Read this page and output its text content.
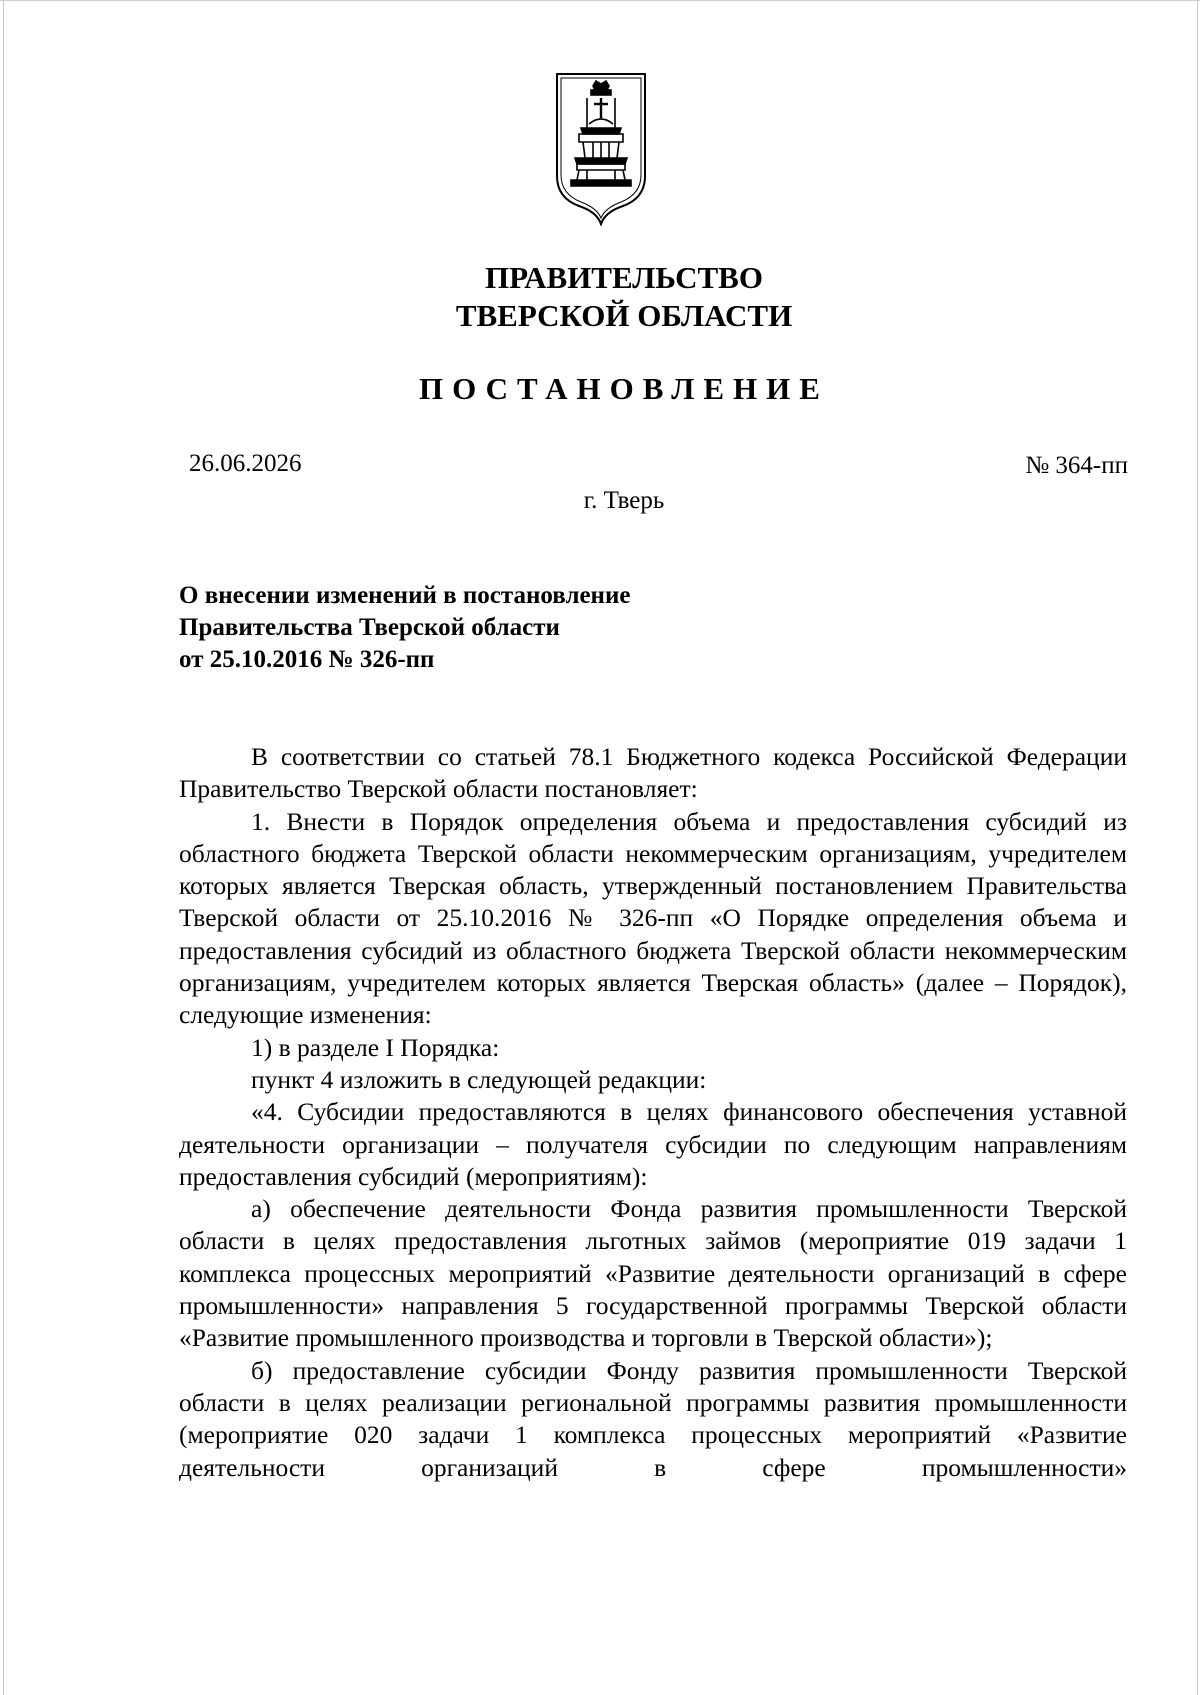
ПРАВИТЕЛЬСТВО
ТВЕРСКОЙ ОБЛАСТИ
ПОСТАНОВЛЕНИЕ
26.06.2026	№ 364-пп
г. Тверь
О внесении изменений в постановление
Правительства Тверской области
от 25.10.2016 № 326-пп

В соответствии со статьей 78.1 Бюджетного кодекса Российской Федерации Правительство Тверской области постановляет:

1. Внести в Порядок определения объема и предоставления субсидий из областного бюджета Тверской области некоммерческим организациям, учредителем которых является Тверская область, утвержденный постановлением Правительства Тверской области от 25.10.2016 № 326-пп «О Порядке определения объема и предоставления субсидий из областного бюджета Тверской области некоммерческим организациям, учредителем которых является Тверская область» (далее – Порядок), следующие изменения:

1) в разделе I Порядка:

пункт 4 изложить в следующей редакции:

«4. Субсидии предоставляются в целях финансового обеспечения уставной деятельности организации – получателя субсидии по следующим направлениям предоставления субсидий (мероприятиям):

а) обеспечение деятельности Фонда развития промышленности Тверской области в целях предоставления льготных займов (мероприятие 019 задачи 1 комплекса процессных мероприятий «Развитие деятельности организаций в сфере промышленности» направления 5 государственной программы Тверской области «Развитие промышленного производства и торговли в Тверской области»);

б) предоставление субсидии Фонду развития промышленности Тверской области в целях реализации региональной программы развития промышленности (мероприятие 020 задачи 1 комплекса процессных мероприятий «Развитие деятельности организаций в сфере промышленности»
